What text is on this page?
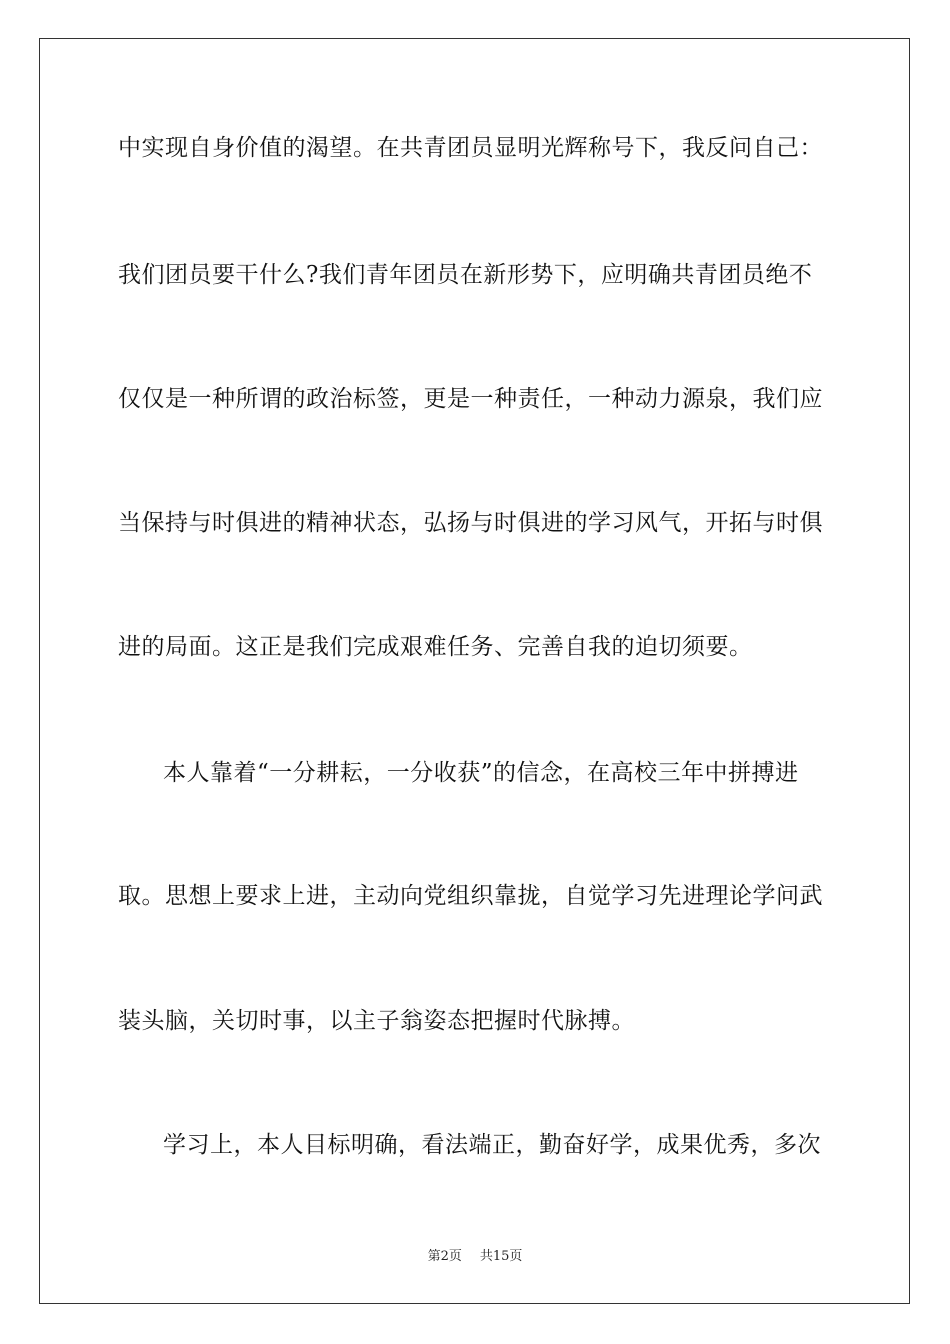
中实现自身价值的渴望。在共青团员显明光辉称号下，我反问自己：
我们团员要干什么?我们青年团员在新形势下，应明确共青团员绝不
仅仅是一种所谓的政治标签，更是一种责任，一种动力源泉，我们应
当保持与时俱进的精神状态，弘扬与时俱进的学习风气，开拓与时俱
进的局面。这正是我们完成艰难任务、完善自我的迫切须要。
本人靠着“一分耕耘，一分收获”的信念，在高校三年中拼搏进
取。思想上要求上进，主动向党组织靠拢，自觉学习先进理论学问武
装头脑，关切时事，以主子翁姿态把握时代脉搏。
学习上，本人目标明确，看法端正，勤奋好学，成果优秀，多次
第2页 共15页
